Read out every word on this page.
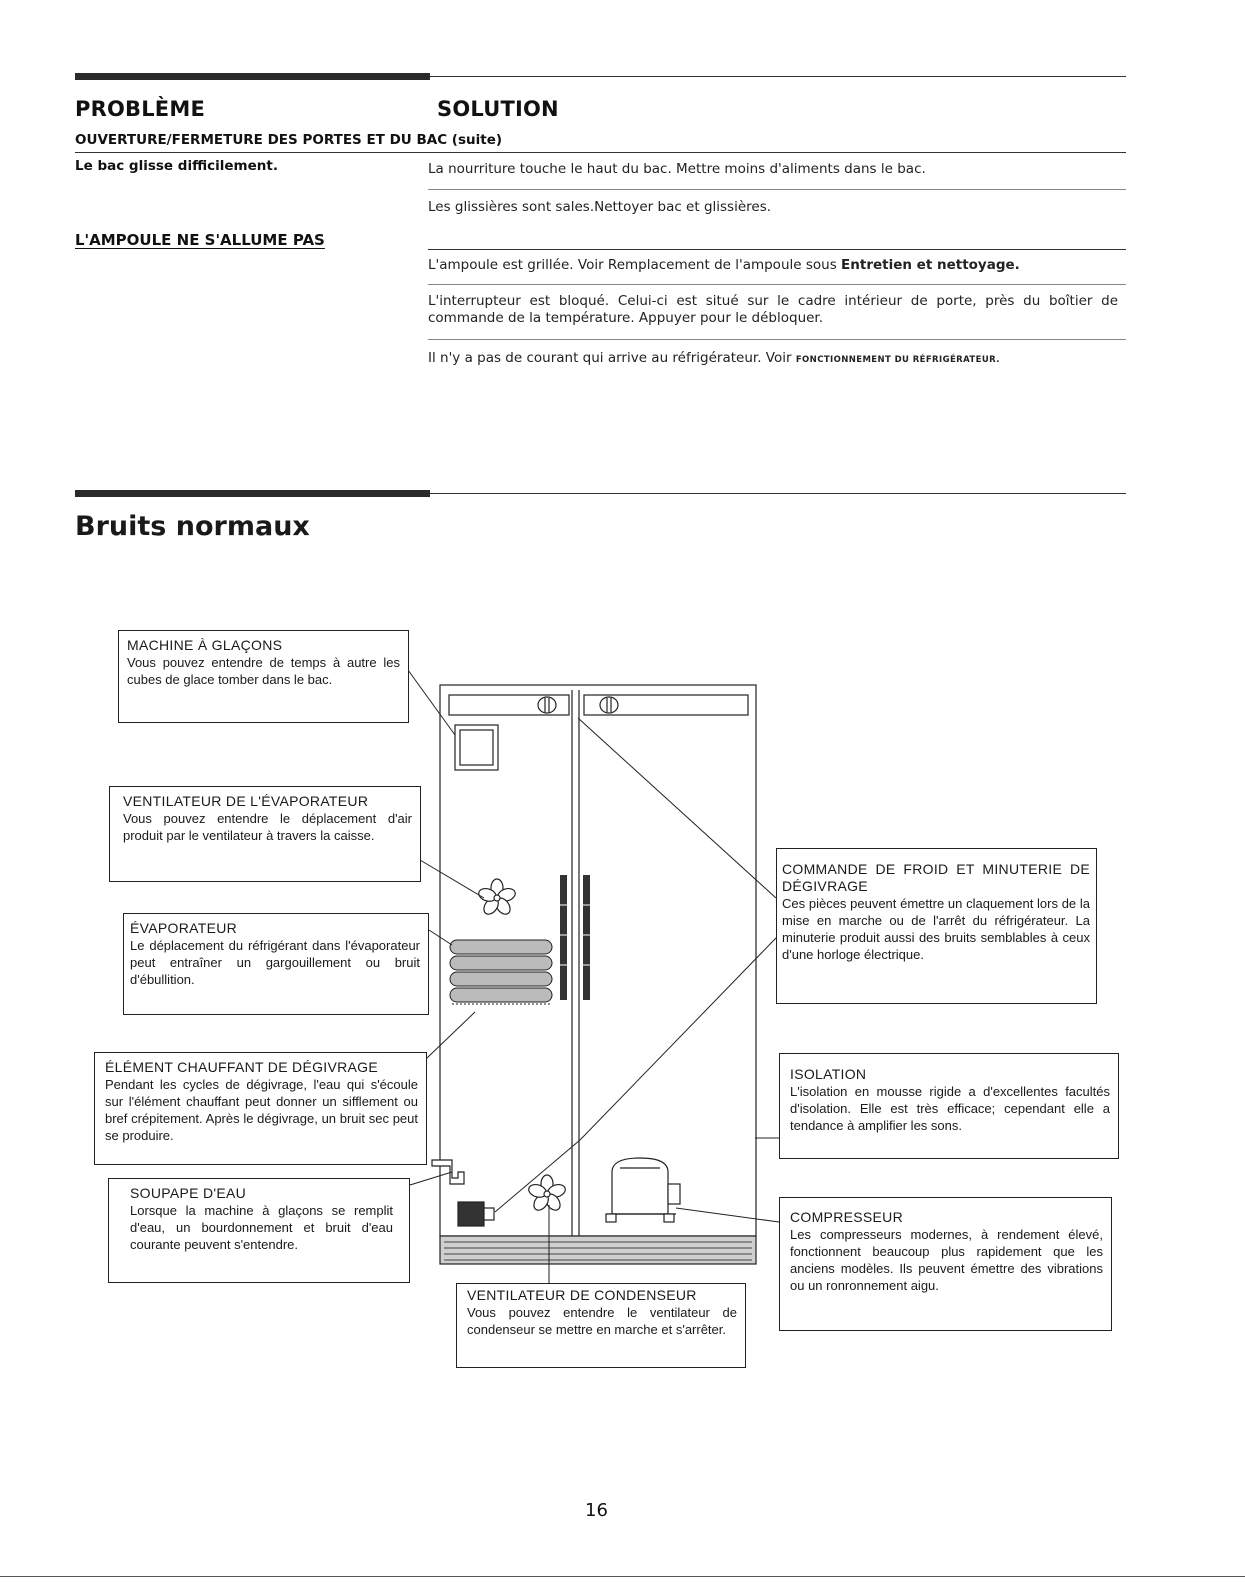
PROBLÈME	SOLUTION
OUVERTURE/FERMETURE DES PORTES ET DU BAC (suite)
Le bac glisse difficilement.	La nourriture touche le haut du bac. Mettre moins d'aliments dans le bac.
Les glissières sont sales.Nettoyer bac et glissières.
L'AMPOULE NE S'ALLUME PAS
L'ampoule est grillée. Voir Remplacement de l'ampoule sous Entretien et nettoyage.
L'interrupteur est bloqué. Celui-ci est situé sur le cadre intérieur de porte, près du boîtier de commande de la température. Appuyer pour le débloquer.
Il n'y a pas de courant qui arrive au réfrigérateur. Voir FONCTIONNEMENT DU RÉFRIGÉRATEUR.
Bruits normaux
MACHINE À GLAÇONS
Vous pouvez entendre de temps à autre les cubes de glace tomber dans le bac.
VENTILATEUR DE L'ÉVAPORATEUR
Vous pouvez entendre le déplacement d'air produit par le ventilateur à travers la caisse.
ÉVAPORATEUR
Le déplacement du réfrigérant dans l'évaporateur peut entraîner un gargouillement ou bruit d'ébullition.
ÉLÉMENT CHAUFFANT DE DÉGIVRAGE
Pendant les cycles de dégivrage, l'eau qui s'écoule sur l'élément chauffant peut donner un sifflement ou bref crépitement. Après le dégivrage, un bruit sec peut se produire.
SOUPAPE D'EAU
Lorsque la machine à glaçons se remplit d'eau, un bourdonnement et bruit d'eau courante peuvent s'entendre.
COMMANDE DE FROID ET MINUTERIE DE DÉGIVRAGE
Ces pièces peuvent émettre un claquement lors de la mise en marche ou de l'arrêt du réfrigérateur. La minuterie produit aussi des bruits semblables à ceux d'une horloge électrique.
ISOLATION
L'isolation en mousse rigide a d'excellentes facultés d'isolation. Elle est très efficace; cependant elle a tendance à amplifier les sons.
COMPRESSEUR
Les compresseurs modernes, à rendement élevé, fonctionnent beaucoup plus rapidement que les anciens modèles. Ils peuvent émettre des vibrations ou un ronronnement aigu.
VENTILATEUR DE CONDENSEUR
Vous pouvez entendre le ventilateur de condenseur se mettre en marche et s'arrêter.
16
